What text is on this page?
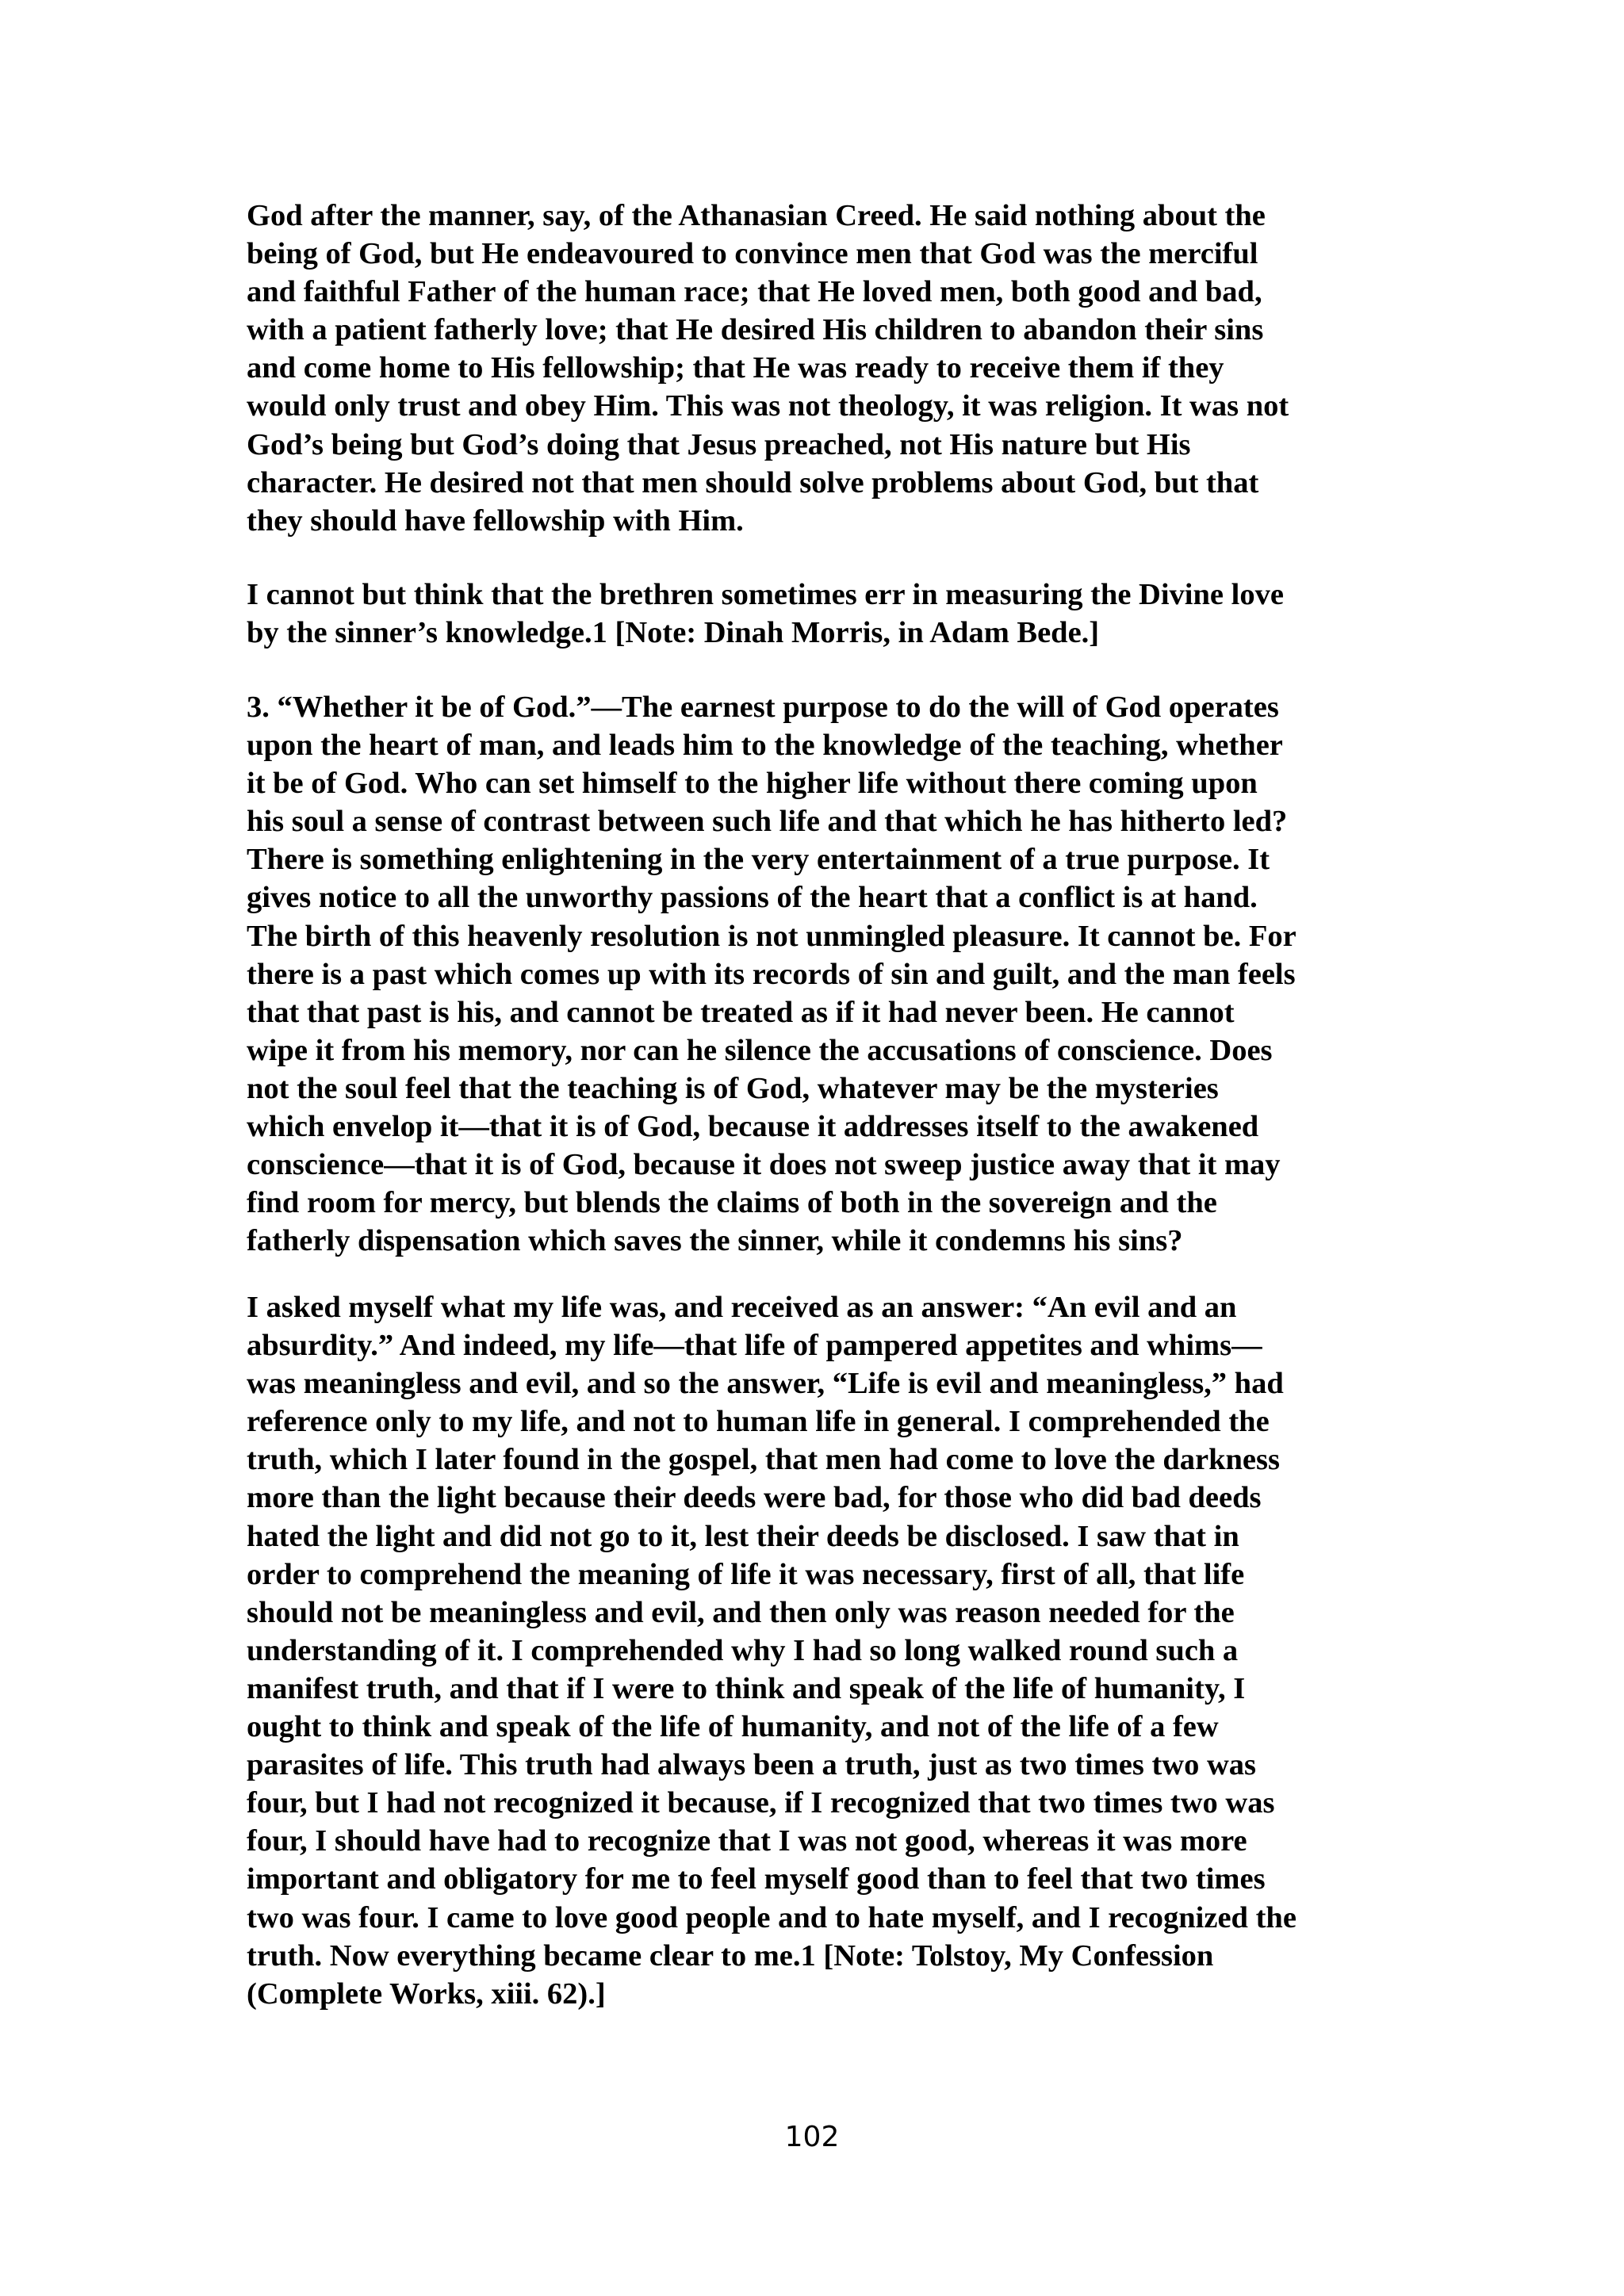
God after the manner, say, of the Athanasian Creed. He said nothing about the
being of God, but He endeavoured to convince men that God was the merciful
and faithful Father of the human race; that He loved men, both good and bad,
with a patient fatherly love; that He desired His children to abandon their sins
and come home to His fellowship; that He was ready to receive them if they
would only trust and obey Him. This was not theology, it was religion. It was not
God’s being but God’s doing that Jesus preached, not His nature but His
character. He desired not that men should solve problems about God, but that
they should have fellowship with Him.

I cannot but think that the brethren sometimes err in measuring the Divine love
by the sinner’s knowledge.1 [Note: Dinah Morris, in Adam Bede.]

3. “Whether it be of God.”—The earnest purpose to do the will of God operates
upon the heart of man, and leads him to the knowledge of the teaching, whether
it be of God. Who can set himself to the higher life without there coming upon
his soul a sense of contrast between such life and that which he has hitherto led?
There is something enlightening in the very entertainment of a true purpose. It
gives notice to all the unworthy passions of the heart that a conflict is at hand.
The birth of this heavenly resolution is not unmingled pleasure. It cannot be. For
there is a past which comes up with its records of sin and guilt, and the man feels
that that past is his, and cannot be treated as if it had never been. He cannot
wipe it from his memory, nor can he silence the accusations of conscience. Does
not the soul feel that the teaching is of God, whatever may be the mysteries
which envelop it—that it is of God, because it addresses itself to the awakened
conscience—that it is of God, because it does not sweep justice away that it may
find room for mercy, but blends the claims of both in the sovereign and the
fatherly dispensation which saves the sinner, while it condemns his sins?

I asked myself what my life was, and received as an answer: “An evil and an
absurdity.” And indeed, my life—that life of pampered appetites and whims—
was meaningless and evil, and so the answer, “Life is evil and meaningless,” had
reference only to my life, and not to human life in general. I comprehended the
truth, which I later found in the gospel, that men had come to love the darkness
more than the light because their deeds were bad, for those who did bad deeds
hated the light and did not go to it, lest their deeds be disclosed. I saw that in
order to comprehend the meaning of life it was necessary, first of all, that life
should not be meaningless and evil, and then only was reason needed for the
understanding of it. I comprehended why I had so long walked round such a
manifest truth, and that if I were to think and speak of the life of humanity, I
ought to think and speak of the life of humanity, and not of the life of a few
parasites of life. This truth had always been a truth, just as two times two was
four, but I had not recognized it because, if I recognized that two times two was
four, I should have had to recognize that I was not good, whereas it was more
important and obligatory for me to feel myself good than to feel that two times
two was four. I came to love good people and to hate myself, and I recognized the
truth. Now everything became clear to me.1 [Note: Tolstoy, My Confession
(Complete Works, xiii. 62).]

102
